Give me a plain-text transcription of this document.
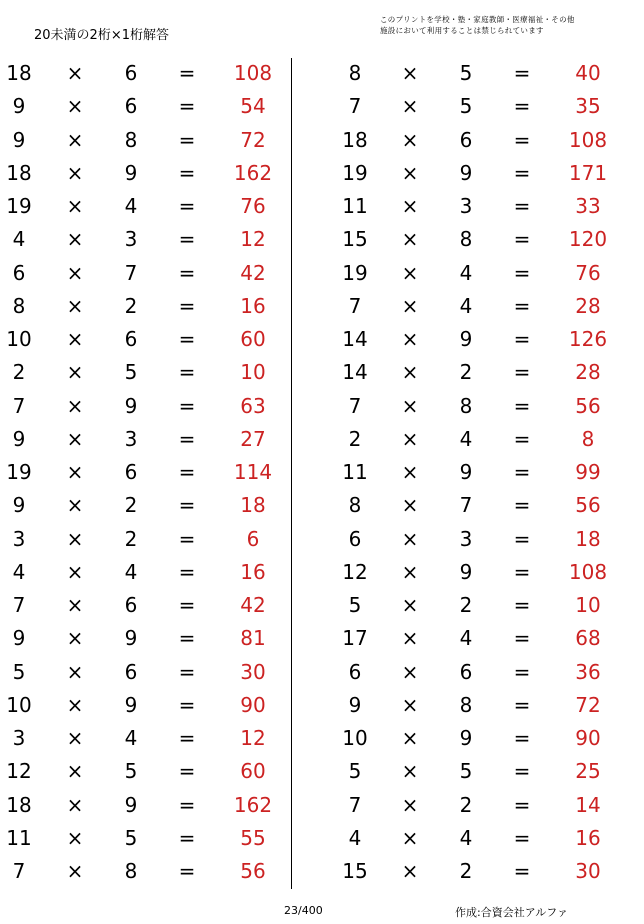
20未満の2桁×1桁解答
このプリントを学校・塾・家庭教師・医療福祉・その他
施設において利用することは禁じられています
18	×	6	=	108
9	×	6	=	54
9	×	8	=	72
18	×	9	=	162
19	×	4	=	76
4	×	3	=	12
6	×	7	=	42
8	×	2	=	16
10	×	6	=	60
2	×	5	=	10
7	×	9	=	63
9	×	3	=	27
19	×	6	=	114
9	×	2	=	18
3	×	2	=	6
4	×	4	=	16
7	×	6	=	42
9	×	9	=	81
5	×	6	=	30
10	×	9	=	90
3	×	4	=	12
12	×	5	=	60
18	×	9	=	162
11	×	5	=	55
7	×	8	=	56
8	×	5	=	40
7	×	5	=	35
18	×	6	=	108
19	×	9	=	171
11	×	3	=	33
15	×	8	=	120
19	×	4	=	76
7	×	4	=	28
14	×	9	=	126
14	×	2	=	28
7	×	8	=	56
2	×	4	=	8
11	×	9	=	99
8	×	7	=	56
6	×	3	=	18
12	×	9	=	108
5	×	2	=	10
17	×	4	=	68
6	×	6	=	36
9	×	8	=	72
10	×	9	=	90
5	×	5	=	25
7	×	2	=	14
4	×	4	=	16
15	×	2	=	30
23/400	作成:合資会社アルファ
